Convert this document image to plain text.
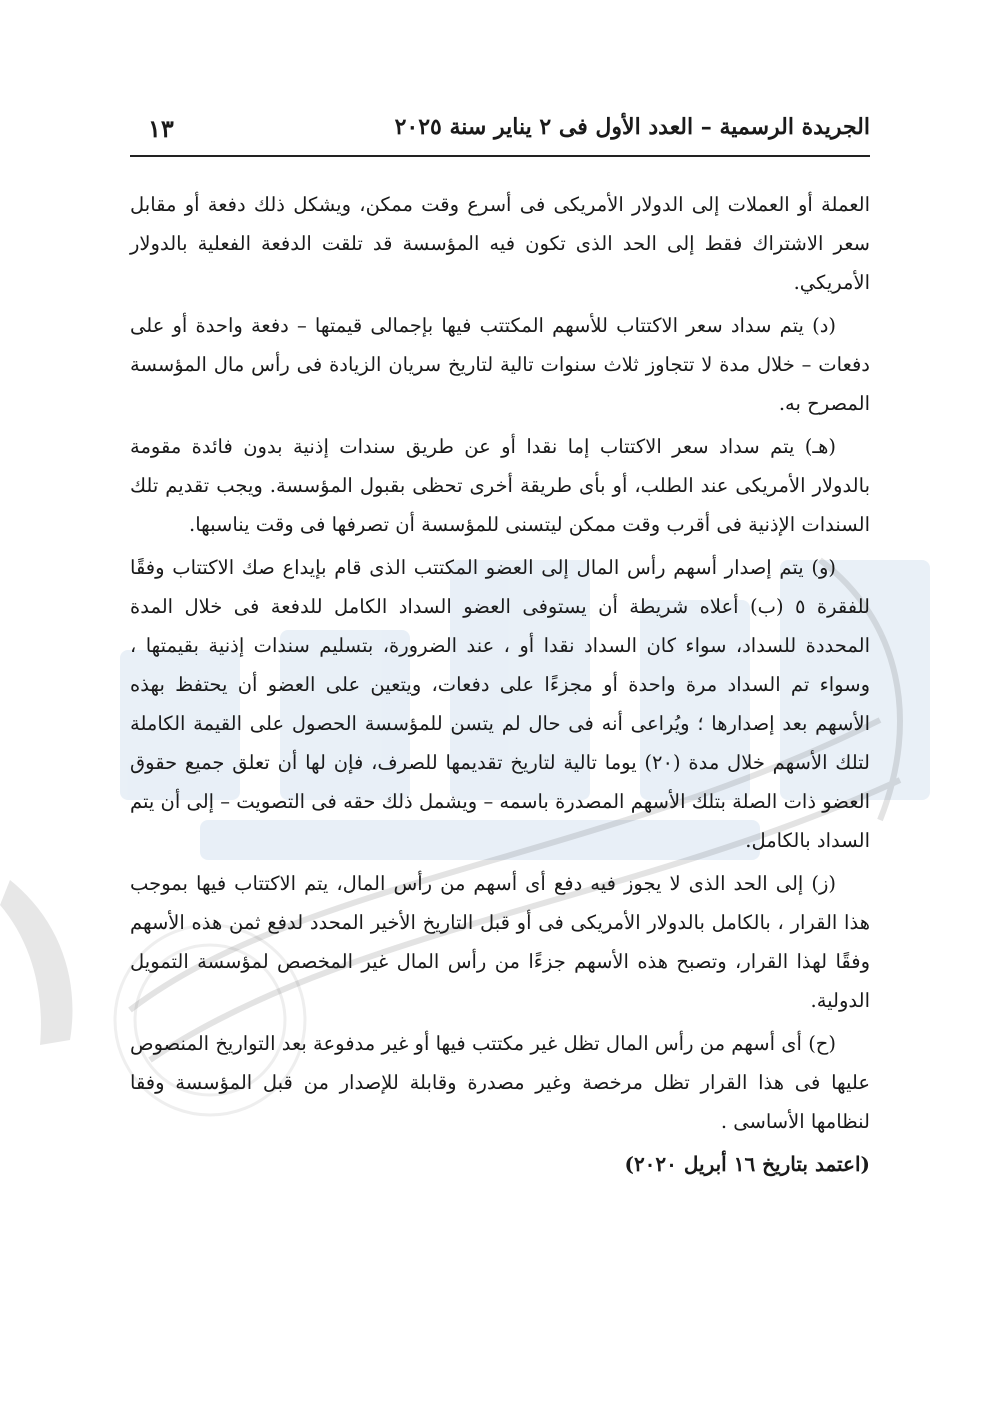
الجريدة الرسمية – العدد الأول فى ٢ يناير سنة ٢٠٢٥
١٣

العملة أو العملات إلى الدولار الأمريكى فى أسرع وقت ممكن، ويشكل ذلك دفعة أو مقابل سعر الاشتراك فقط إلى الحد الذى تكون فيه المؤسسة قد تلقت الدفعة الفعلية بالدولار الأمريكي.

(د) يتم سداد سعر الاكتتاب للأسهم المكتتب فيها بإجمالى قيمتها – دفعة واحدة أو على دفعات – خلال مدة لا تتجاوز ثلاث سنوات تالية لتاريخ سريان الزيادة فى رأس مال المؤسسة المصرح به.

(هـ) يتم سداد سعر الاكتتاب إما نقدا أو عن طريق سندات إذنية بدون فائدة مقومة بالدولار الأمريكى عند الطلب، أو بأى طريقة أخرى تحظى بقبول المؤسسة. ويجب تقديم تلك السندات الإذنية فى أقرب وقت ممكن ليتسنى للمؤسسة أن تصرفها فى وقت يناسبها.

(و) يتم إصدار أسهم رأس المال إلى العضو المكتتب الذى قام بإيداع صك الاكتتاب وفقًا للفقرة ٥ (ب) أعلاه شريطة أن يستوفى العضو السداد الكامل للدفعة فى خلال المدة المحددة للسداد، سواء كان السداد نقدا أو ، عند الضرورة، بتسليم سندات إذنية بقيمتها ، وسواء تم السداد مرة واحدة أو مجزءًا على دفعات، ويتعين على العضو أن يحتفظ بهذه الأسهم بعد إصدارها ؛ ويُراعى أنه فى حال لم يتسن للمؤسسة الحصول على القيمة الكاملة لتلك الأسهم خلال مدة (٢٠) يوما تالية لتاريخ تقديمها للصرف، فإن لها أن تعلق جميع حقوق العضو ذات الصلة بتلك الأسهم المصدرة باسمه – ويشمل ذلك حقه فى التصويت – إلى أن يتم السداد بالكامل.

(ز) إلى الحد الذى لا يجوز فيه دفع أى أسهم من رأس المال، يتم الاكتتاب فيها بموجب هذا القرار ، بالكامل بالدولار الأمريكى فى أو قبل التاريخ الأخير المحدد لدفع ثمن هذه الأسهم وفقًا لهذا القرار، وتصبح هذه الأسهم جزءًا من رأس المال غير المخصص لمؤسسة التمويل الدولية.

(ح) أى أسهم من رأس المال تظل غير مكتتب فيها أو غير مدفوعة بعد التواريخ المنصوص عليها فى هذا القرار تظل مرخصة وغير مصدرة وقابلة للإصدار من قبل المؤسسة وفقا لنظامها الأساسى .

(اعتمد بتاريخ ١٦ أبريل ٢٠٢٠)
